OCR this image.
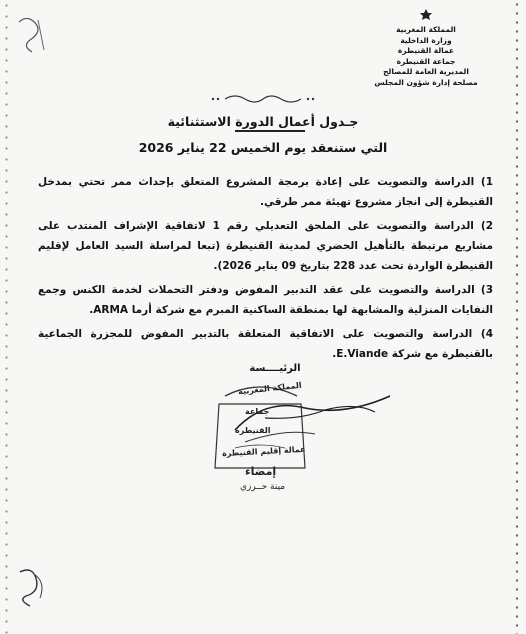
المملكة المغربية
وزارة الداخلية
عمالة القنيطرة
جماعة القنيطرة
المديرية العامة للمصالح
مصلحة إدارة شؤون المجلس
جـدول أعمال الدورة الاستثنائية
التي ستنعقد يوم الخميس 22 يناير 2026
1) الدراسة والتصويت على إعادة برمجة المشروع المتعلق بإحداث ممر تحتي بمدخل القنيطرة إلى انجاز مشروع تهيئة ممر طرقي.
2) الدراسة والتصويت على الملحق التعديلي رقم 1 لاتفاقية الإشراف المنتدب على مشاريع مرتبطة بالتأهيل الحضري لمدينة القنيطرة (تبعا لمراسلة السيد العامل لإقليم القنيطرة الواردة تحت عدد 228 بتاريخ 09 يناير 2026).
3) الدراسة والتصويت على عقد التدبير المفوض ودفتر التحملات لخدمة الكنس وجمع النفايات المنزلية والمشابهة لها بمنطقة الساكنية المبرم مع شركة أرما ARMA.
4) الدراسة والتصويت على الاتفاقية المتعلقة بالتدبير المفوض للمجزرة الجماعية بالقنيطرة مع شركة E.Viande.
الرئيــــسة
المملكة المغربية
جماعة
القنيطرة
عمالة إقليم القنيطرة
إمضاء
مينة حــرزي
